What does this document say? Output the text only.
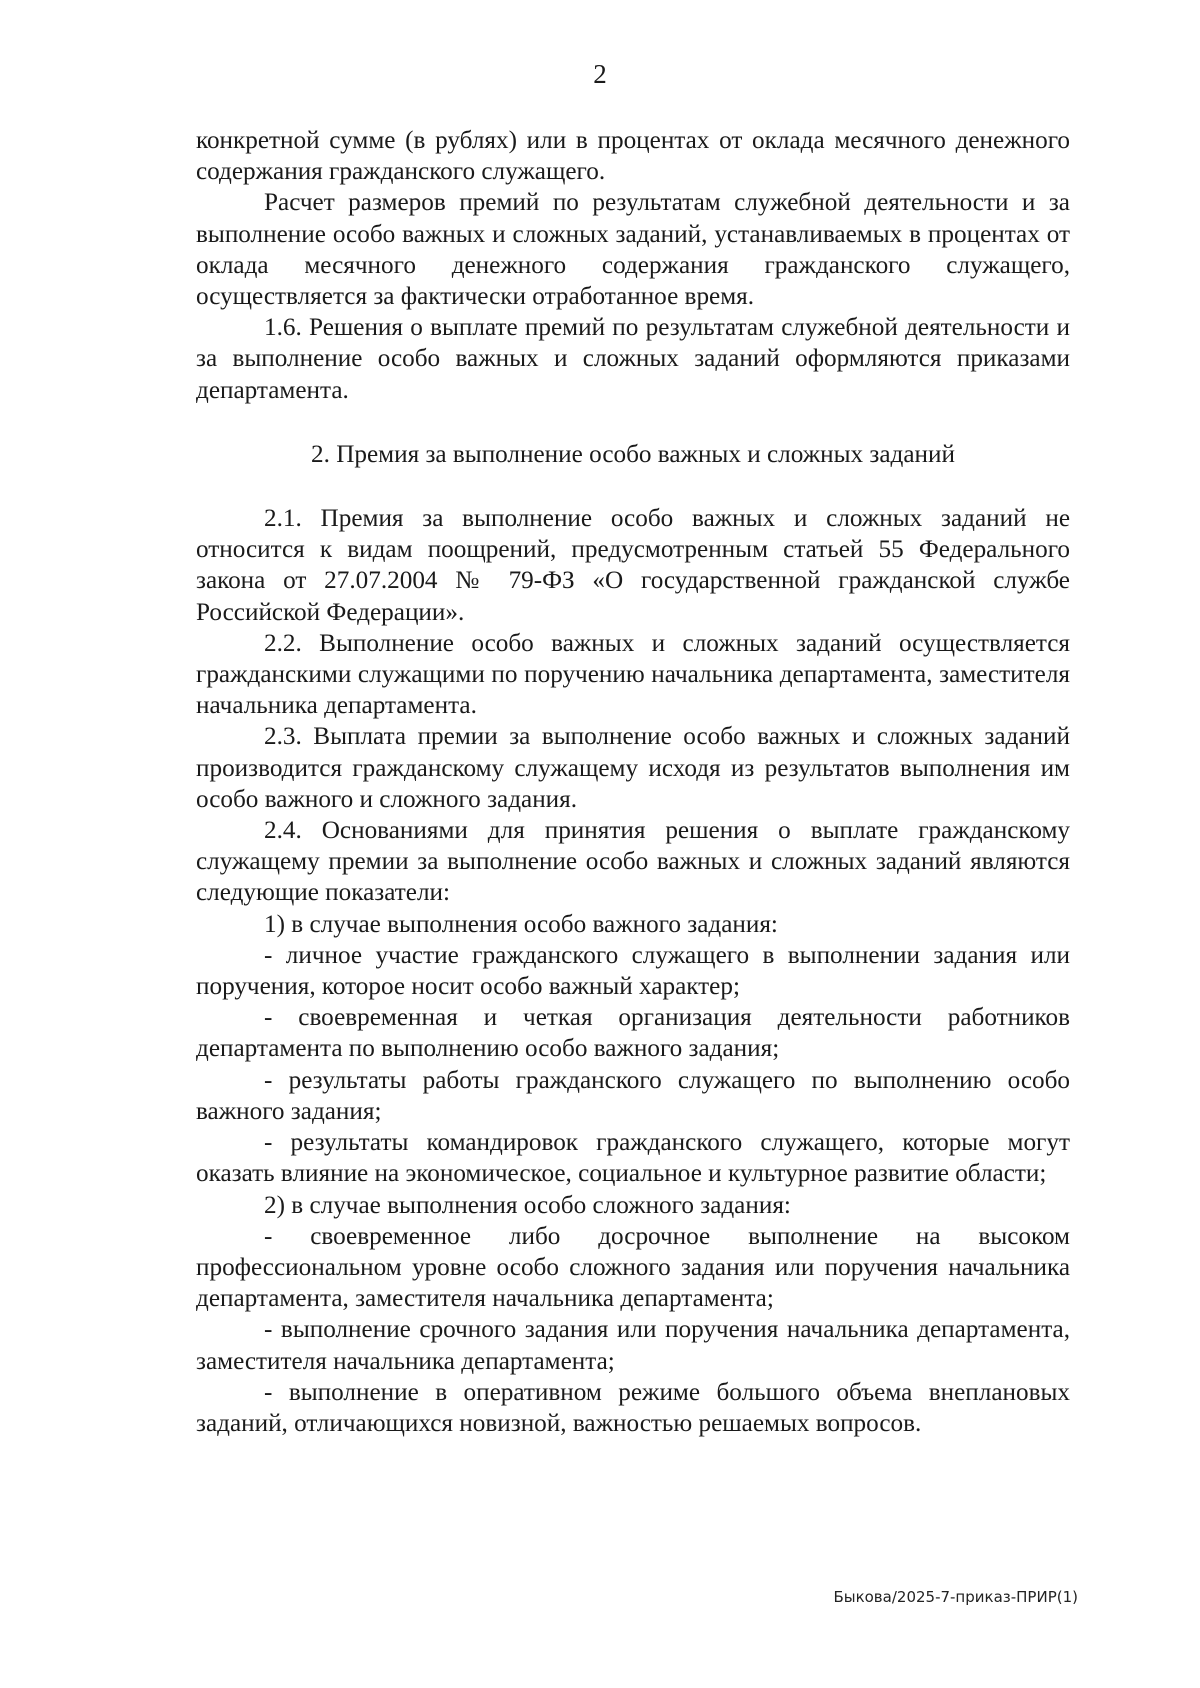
2

конкретной сумме (в рублях) или в процентах от оклада месячного денежного содержания гражданского служащего.

Расчет размеров премий по результатам служебной деятельности и за выполнение особо важных и сложных заданий, устанавливаемых в процентах от оклада месячного денежного содержания гражданского служащего, осуществляется за фактически отработанное время.

1.6. Решения о выплате премий по результатам служебной деятельности и за выполнение особо важных и сложных заданий оформляются приказами департамента.

2. Премия за выполнение особо важных и сложных заданий

2.1. Премия за выполнение особо важных и сложных заданий не относится к видам поощрений, предусмотренным статьей 55 Федерального закона от 27.07.2004 № 79-ФЗ «О государственной гражданской службе Российской Федерации».

2.2. Выполнение особо важных и сложных заданий осуществляется гражданскими служащими по поручению начальника департамента, заместителя начальника департамента.

2.3. Выплата премии за выполнение особо важных и сложных заданий производится гражданскому служащему исходя из результатов выполнения им особо важного и сложного задания.

2.4. Основаниями для принятия решения о выплате гражданскому служащему премии за выполнение особо важных и сложных заданий являются следующие показатели:

1) в случае выполнения особо важного задания:

- личное участие гражданского служащего в выполнении задания или поручения, которое носит особо важный характер;

- своевременная и четкая организация деятельности работников департамента по выполнению особо важного задания;

- результаты работы гражданского служащего по выполнению особо важного задания;

- результаты командировок гражданского служащего, которые могут оказать влияние на экономическое, социальное и культурное развитие области;

2) в случае выполнения особо сложного задания:

- своевременное либо досрочное выполнение на высоком профессиональном уровне особо сложного задания или поручения начальника департамента, заместителя начальника департамента;

- выполнение срочного задания или поручения начальника департамента, заместителя начальника департамента;

- выполнение в оперативном режиме большого объема внеплановых заданий, отличающихся новизной, важностью решаемых вопросов.

Быкова/2025-7-приказ-ПРИР(1)
